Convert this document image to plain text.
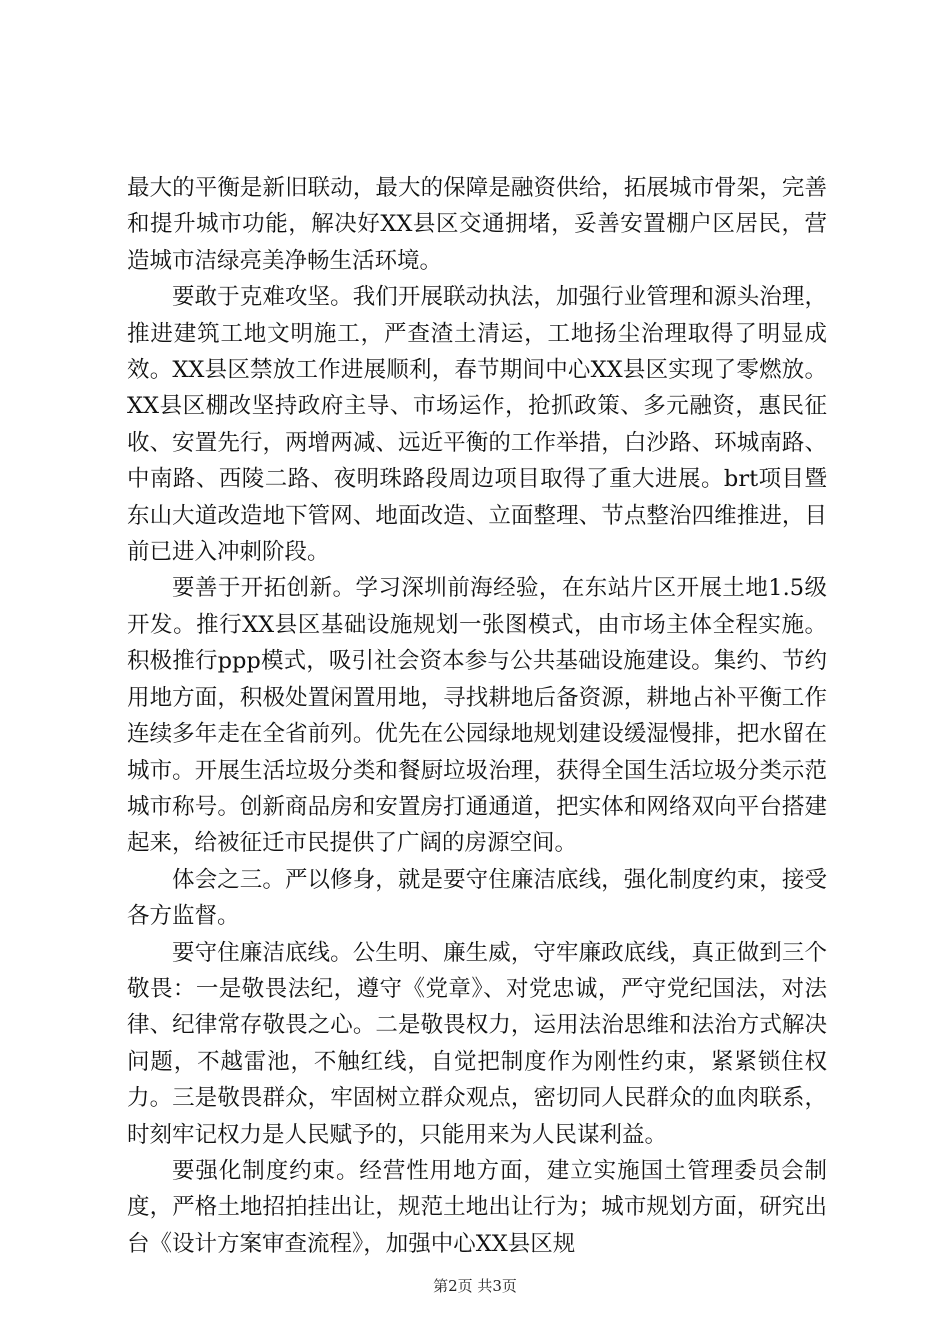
最大的平衡是新旧联动，最大的保障是融资供给，拓展城市骨架，完善和提升城市功能，解决好XX县区交通拥堵，妥善安置棚户区居民，营造城市洁绿亮美净畅生活环境。

要敢于克难攻坚。我们开展联动执法，加强行业管理和源头治理，推进建筑工地文明施工，严查渣土清运，工地扬尘治理取得了明显成效。XX县区禁放工作进展顺利，春节期间中心XX县区实现了零燃放。XX县区棚改坚持政府主导、市场运作，抢抓政策、多元融资，惠民征收、安置先行，两增两减、远近平衡的工作举措，白沙路、环城南路、中南路、西陵二路、夜明珠路段周边项目取得了重大进展。brt项目暨东山大道改造地下管网、地面改造、立面整理、节点整治四维推进，目前已进入冲刺阶段。

要善于开拓创新。学习深圳前海经验，在东站片区开展土地1.5级开发。推行XX县区基础设施规划一张图模式，由市场主体全程实施。积极推行ppp模式，吸引社会资本参与公共基础设施建设。集约、节约用地方面，积极处置闲置用地，寻找耕地后备资源，耕地占补平衡工作连续多年走在全省前列。优先在公园绿地规划建设缓湿慢排，把水留在城市。开展生活垃圾分类和餐厨垃圾治理，获得全国生活垃圾分类示范城市称号。创新商品房和安置房打通通道，把实体和网络双向平台搭建起来，给被征迁市民提供了广阔的房源空间。

体会之三。严以修身，就是要守住廉洁底线，强化制度约束，接受各方监督。

要守住廉洁底线。公生明、廉生威，守牢廉政底线，真正做到三个敬畏：一是敬畏法纪，遵守《党章》、对党忠诚，严守党纪国法，对法律、纪律常存敬畏之心。二是敬畏权力，运用法治思维和法治方式解决问题，不越雷池，不触红线，自觉把制度作为刚性约束，紧紧锁住权力。三是敬畏群众，牢固树立群众观点，密切同人民群众的血肉联系，时刻牢记权力是人民赋予的，只能用来为人民谋利益。

要强化制度约束。经营性用地方面，建立实施国土管理委员会制度，严格土地招拍挂出让，规范土地出让行为；城市规划方面，研究出台《设计方案审查流程》，加强中心XX县区规

第2页 共3页
